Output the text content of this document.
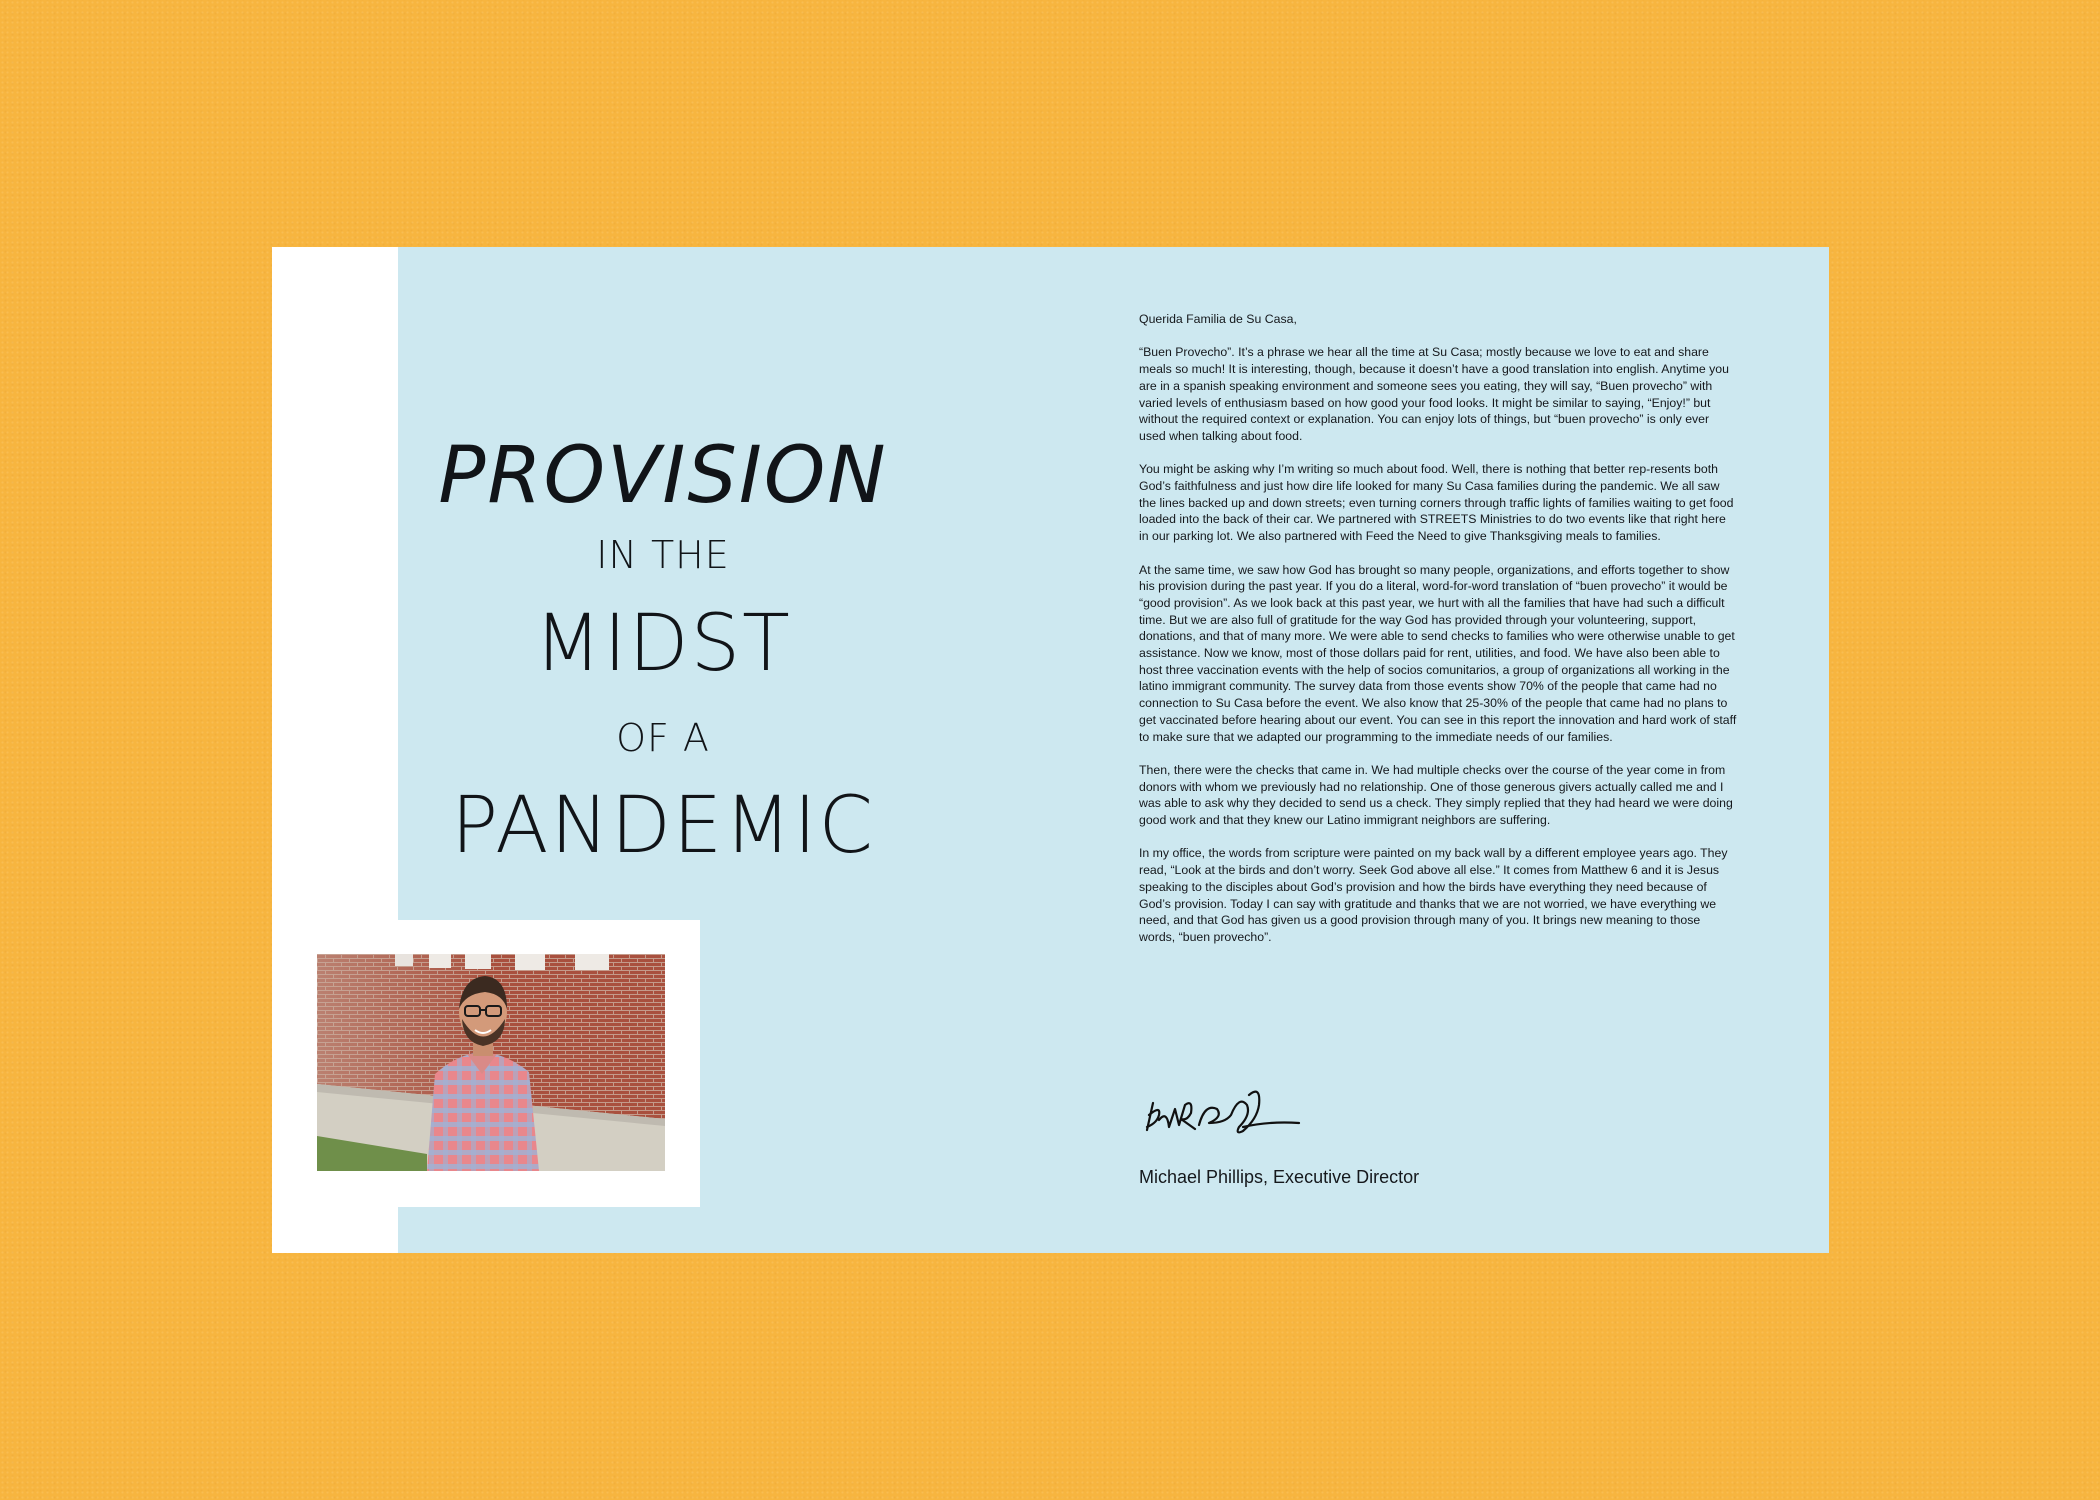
PROVISION
IN THE
MIDST
OF A
PANDEMIC

Querida Familia de Su Casa,

“Buen Provecho”. It’s a phrase we hear all the time at Su Casa; mostly because we love to eat and share meals so much! It is interesting, though, because it doesn’t have a good translation into english. Anytime you are in a spanish speaking environment and someone sees you eating, they will say, “Buen provecho” with varied levels of enthusiasm based on how good your food looks. It might be similar to saying, “Enjoy!” but without the required context or explanation. You can enjoy lots of things, but “buen provecho” is only ever used when talking about food.

You might be asking why I’m writing so much about food. Well, there is nothing that better rep-resents both God’s faithfulness and just how dire life looked for many Su Casa families during the pandemic. We all saw the lines backed up and down streets; even turning corners through traffic lights of families waiting to get food loaded into the back of their car. We partnered with STREETS Ministries to do two events like that right here in our parking lot. We also partnered with Feed the Need to give Thanksgiving meals to families.

At the same time, we saw how God has brought so many people, organizations, and efforts together to show his provision during the past year. If you do a literal, word-for-word translation of “buen provecho” it would be “good provision”. As we look back at this past year, we hurt with all the families that have had such a difficult time. But we are also full of gratitude for the way God has provided through your volunteering, support, donations, and that of many more. We were able to send checks to families who were otherwise unable to get assistance. Now we know, most of those dollars paid for rent, utilities, and food. We have also been able to host three vaccination events with the help of socios comunitarios, a group of organizations all working in the latino immigrant community. The survey data from those events show 70% of the people that came had no connection to Su Casa before the event. We also know that 25-30% of the people that came had no plans to get vaccinated before hearing about our event. You can see in this report the innovation and hard work of staff to make sure that we adapted our programming to the immediate needs of our families.

Then, there were the checks that came in. We had multiple checks over the course of the year come in from donors with whom we previously had no relationship. One of those generous givers actually called me and I was able to ask why they decided to send us a check. They simply replied that they had heard we were doing good work and that they knew our Latino immigrant neighbors are suffering.

In my office, the words from scripture were painted on my back wall by a different employee years ago. They read, “Look at the birds and don’t worry. Seek God above all else.” It comes from Matthew 6 and it is Jesus speaking to the disciples about God’s provision and how the birds have everything they need because of God’s provision. Today I can say with gratitude and thanks that we are not worried, we have everything we need, and that God has given us a good provision through many of you. It brings new meaning to those words, “buen provecho”.

Michael Phillips, Executive Director
